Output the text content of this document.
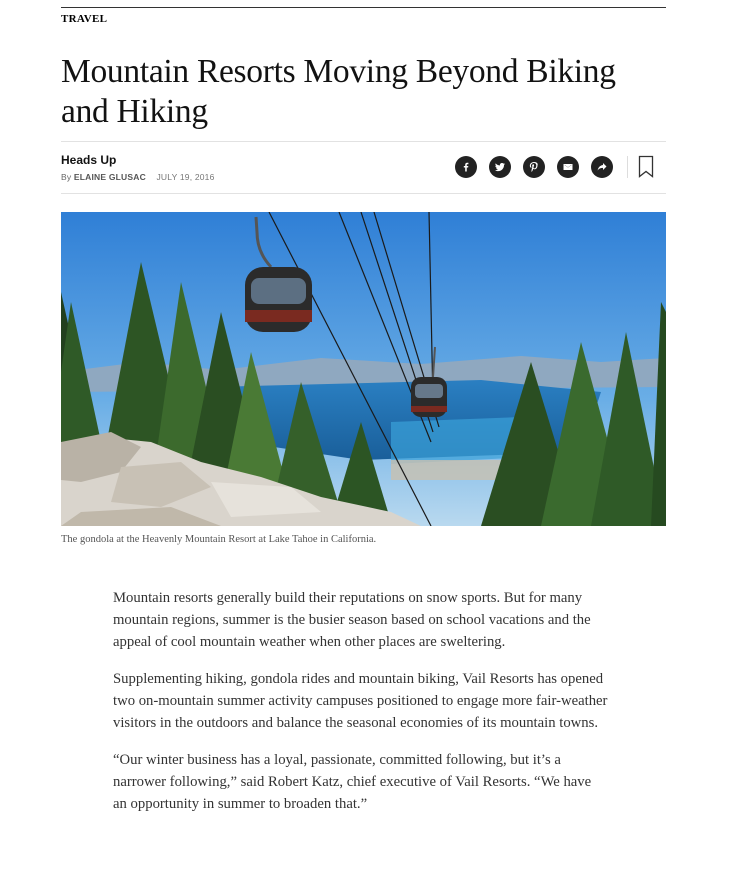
TRAVEL
Mountain Resorts Moving Beyond Biking and Hiking
Heads Up
By ELAINE GLUSAC JULY 19, 2016
The gondola at the Heavenly Mountain Resort at Lake Tahoe in California.

Mountain resorts generally build their reputations on snow sports. But for many mountain regions, summer is the busier season based on school vacations and the appeal of cool mountain weather when other places are sweltering.

Supplementing hiking, gondola rides and mountain biking, Vail Resorts has opened two on-mountain summer activity campuses positioned to engage more fair-weather visitors in the outdoors and balance the seasonal economies of its mountain towns.

“Our winter business has a loyal, passionate, committed following, but it’s a narrower following,” said Robert Katz, chief executive of Vail Resorts. “We have an opportunity in summer to broaden that.”
